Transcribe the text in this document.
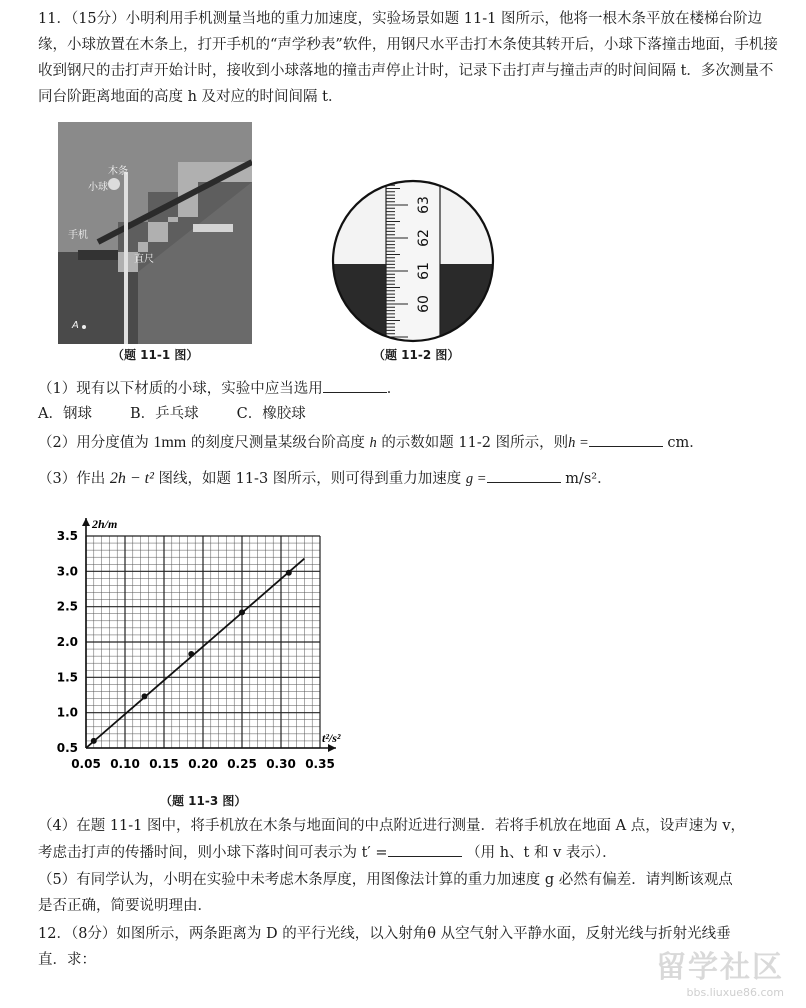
11．（15分）小明利用手机测量当地的重力加速度，实验场景如题 11-1 图所示，他将一根木条平放在楼梯台阶边缘，小球放置在木条上，打开手机的“声学秒表”软件，用钢尺水平击打木条使其转开后，小球下落撞击地面，手机接收到钢尺的击打声开始计时，接收到小球落地的撞击声停止计时，记录下击打声与撞击声的时间间隔 t．多次测量不同台阶距离地面的高度 h 及对应的时间间隔 t．

木条
小球
手机
直尺
A
（题 11-1 图）
60
61
62
63
（题 11-2 图）
（1）现有以下材质的小球，实验中应当选用	．
A．钢球	B．乒乓球	C．橡胶球
（2）用分度值为 1mm 的刻度尺测量某级台阶高度 h 的示数如题 11-2 图所示，则h =	cm．
（3）作出 2h − t² 图线，如题 11-3 图所示，则可得到重力加速度 g =	m/s²．
0.05 0.10 0.15 0.20 0.25 0.30 0.35
0.5
1.0
1.5
2.0
2.5
3.0
3.5
2h/m
t²/s²
（题 11-3 图）
（4）在题 11-1 图中，将手机放在木条与地面间的中点附近进行测量．若将手机放在地面 A 点，设声速为 v，
考虑击打声的传播时间，则小球下落时间可表示为 t′ =	（用 h、t 和 v 表示）．
（5）有同学认为，小明在实验中未考虑木条厚度，用图像法计算的重力加速度 g 必然有偏差．请判断该观点
是否正确，简要说明理由．
12．（8分）如图所示，两条距离为 D 的平行光线，以入射角θ 从空气射入平静水面，反射光线与折射光线垂
直．求：	留学社区
bbs.liuxue86.com
